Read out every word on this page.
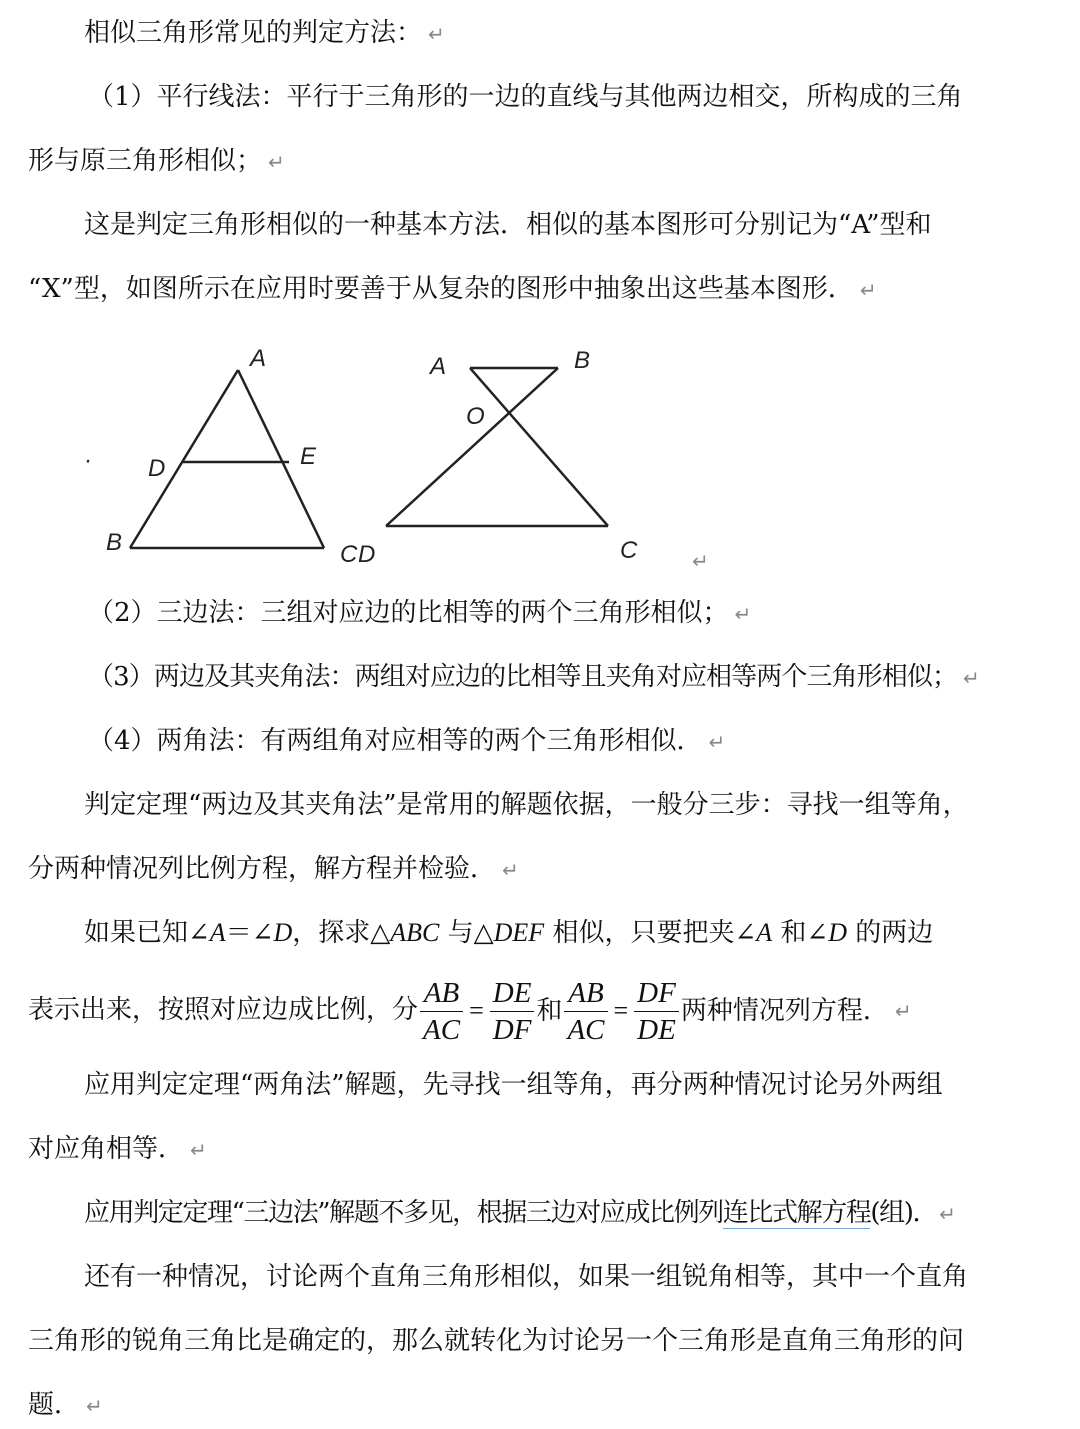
相似三角形常见的判定方法： ↵
（1）平行线法：平行于三角形的一边的直线与其他两边相交，所构成的三角
形与原三角形相似； ↵
这是判定三角形相似的一种基本方法．相似的基本图形可分别记为“A”型和
“X”型，如图所示在应用时要善于从复杂的图形中抽象出这些基本图形． ↵
·
A
D	E
B	C
A	B
O
D	C	↵
（2）三边法：三组对应边的比相等的两个三角形相似； ↵
（3）两边及其夹角法：两组对应边的比相等且夹角对应相等两个三角形相似； ↵
（4）两角法：有两组角对应相等的两个三角形相似． ↵
判定定理“两边及其夹角法”是常用的解题依据，一般分三步：寻找一组等角，
分两种情况列比例方程，解方程并检验． ↵
如果已知∠A＝∠D，探求△ABC 与△DEF 相似，只要把夹∠A 和∠D 的两边
表示出来，按照对应边成比例，分 $\frac{AB}{AC} = \frac{DE}{DF}$ 和 $\frac{AB}{AC} = \frac{DF}{DE}$ 两种情况列方程． ↵
应用判定定理“两角法”解题，先寻找一组等角，再分两种情况讨论另外两组
对应角相等． ↵
应用判定定理“三边法”解题不多见，根据三边对应成比例列连比式解方程(组)． ↵
还有一种情况，讨论两个直角三角形相似，如果一组锐角相等，其中一个直角
三角形的锐角三角比是确定的，那么就转化为讨论另一个三角形是直角三角形的问
题． ↵
